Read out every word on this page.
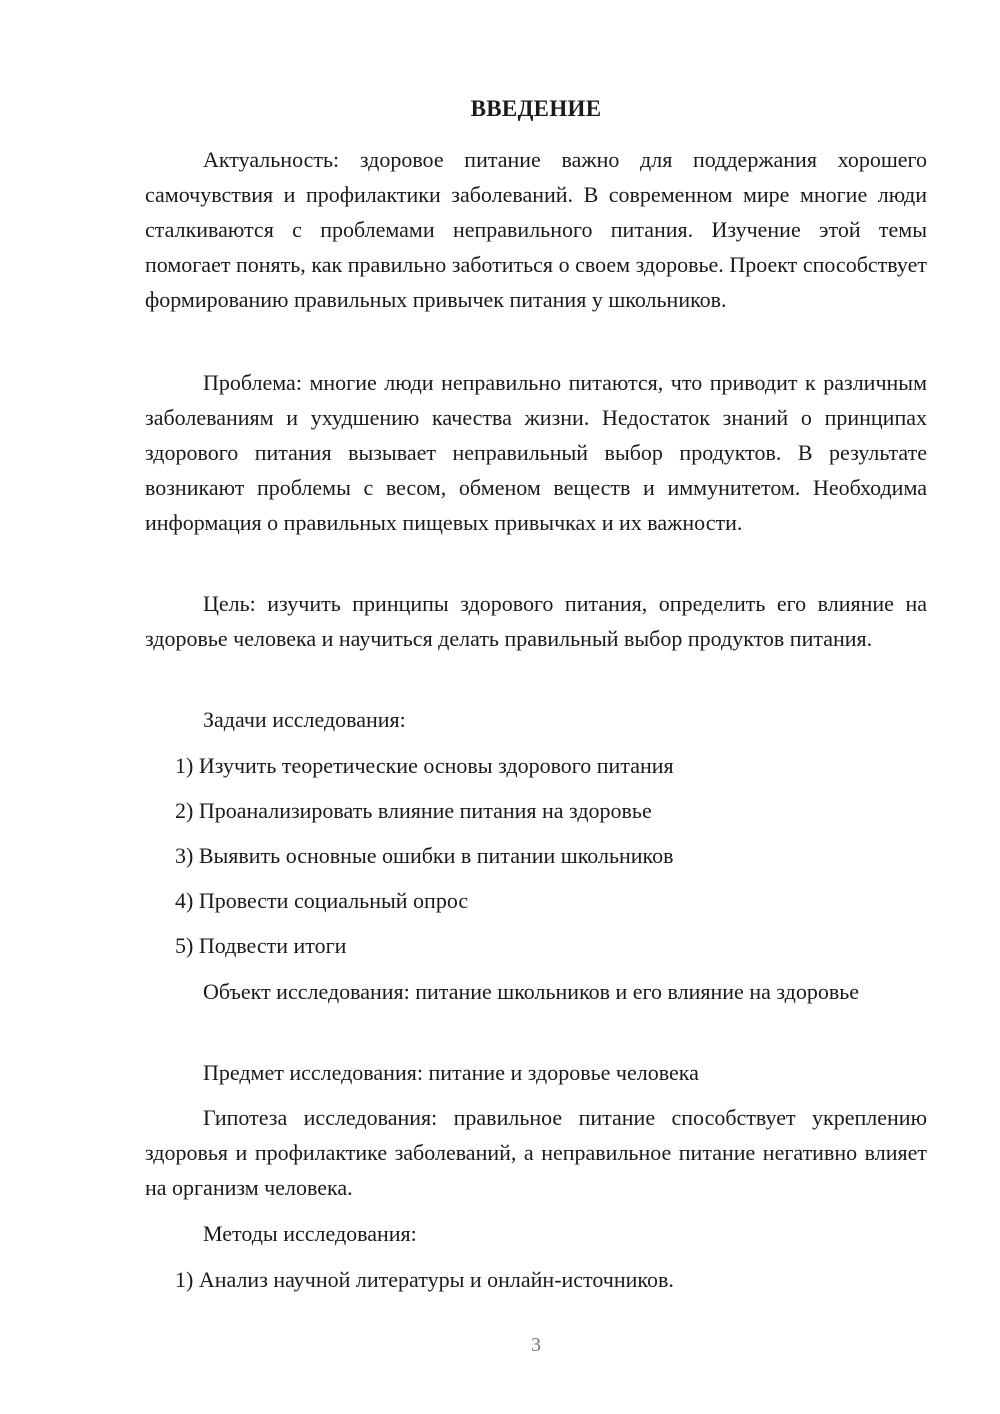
ВВЕДЕНИЕ
Актуальность: здоровое питание важно для поддержания хорошего самочувствия и профилактики заболеваний. В современном мире многие люди сталкиваются с проблемами неправильного питания. Изучение этой темы помогает понять, как правильно заботиться о своем здоровье. Проект способствует формированию правильных привычек питания у школьников.
Проблема: многие люди неправильно питаются, что приводит к различным заболеваниям и ухудшению качества жизни. Недостаток знаний о принципах здорового питания вызывает неправильный выбор продуктов. В результате возникают проблемы с весом, обменом веществ и иммунитетом. Необходима информация о правильных пищевых привычках и их важности.
Цель: изучить принципы здорового питания, определить его влияние на здоровье человека и научиться делать правильный выбор продуктов питания.
Задачи исследования:
1) Изучить теоретические основы здорового питания
2) Проанализировать влияние питания на здоровье
3) Выявить основные ошибки в питании школьников
4) Провести социальный опрос
5) Подвести итоги
Объект исследования: питание школьников и его влияние на здоровье
Предмет исследования: питание и здоровье человека
Гипотеза исследования: правильное питание способствует укреплению здоровья и профилактике заболеваний, а неправильное питание негативно влияет на организм человека.
Методы исследования:
1) Анализ научной литературы и онлайн-источников.
3
